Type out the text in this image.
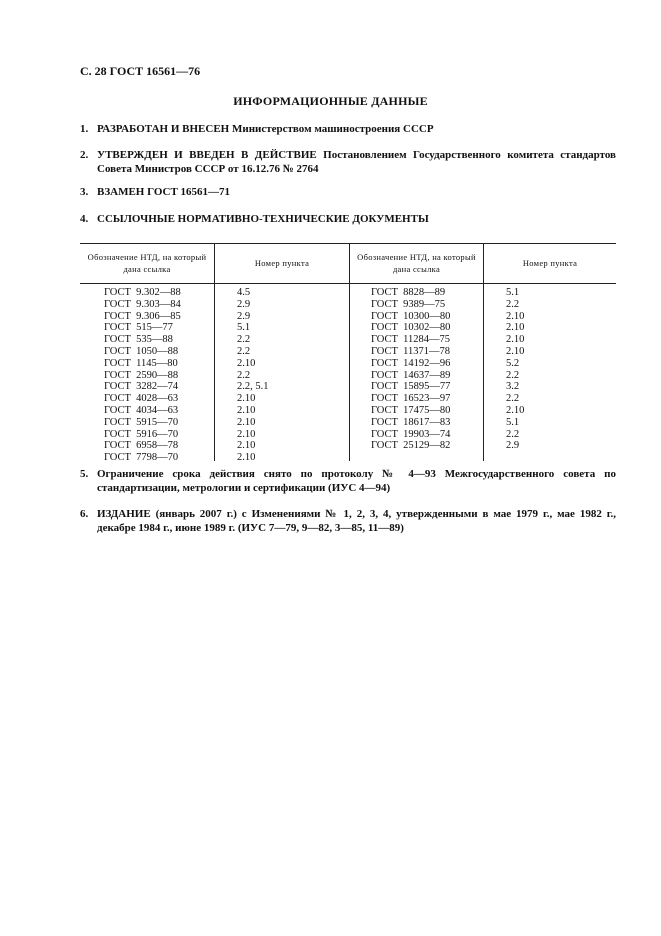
С. 28 ГОСТ 16561—76
ИНФОРМАЦИОННЫЕ ДАННЫЕ
1. РАЗРАБОТАН И ВНЕСЕН Министерством машиностроения СССР
2. УТВЕРЖДЕН И ВВЕДЕН В ДЕЙСТВИЕ Постановлением Государственного комитета стандартов Совета Министров СССР от 16.12.76 № 2764
3. ВЗАМЕН ГОСТ 16561—71
4. ССЫЛОЧНЫЕ НОРМАТИВНО-ТЕХНИЧЕСКИЕ ДОКУМЕНТЫ
Обозначение НТД, на который дана ссылка
Номер пункта
Обозначение НТД, на который дана ссылка
Номер пункта
ГОСТ  9.302—88
ГОСТ  9.303—84
ГОСТ  9.306—85
ГОСТ  515—77
ГОСТ  535—88
ГОСТ  1050—88
ГОСТ  1145—80
ГОСТ  2590—88
ГОСТ  3282—74
ГОСТ  4028—63
ГОСТ  4034—63
ГОСТ  5915—70
ГОСТ  5916—70
ГОСТ  6958—78
ГОСТ  7798—70
4.5
2.9
2.9
5.1
2.2
2.2
2.10
2.2
2.2, 5.1
2.10
2.10
2.10
2.10
2.10
2.10
ГОСТ  8828—89
ГОСТ  9389—75
ГОСТ  10300—80
ГОСТ  10302—80
ГОСТ  11284—75
ГОСТ  11371—78
ГОСТ  14192—96
ГОСТ  14637—89
ГОСТ  15895—77
ГОСТ  16523—97
ГОСТ  17475—80
ГОСТ  18617—83
ГОСТ  19903—74
ГОСТ  25129—82
5.1
2.2
2.10
2.10
2.10
2.10
5.2
2.2
3.2
2.2
2.10
5.1
2.2
2.9
5. Ограничение срока действия снято по протоколу № 4—93 Межгосударственного совета по стандартизации, метрологии и сертификации (ИУС 4—94)
6. ИЗДАНИЕ (январь 2007 г.) с Изменениями № 1, 2, 3, 4, утвержденными в мае 1979 г., мае 1982 г., декабре 1984 г., июне 1989 г. (ИУС 7—79, 9—82, 3—85, 11—89)
